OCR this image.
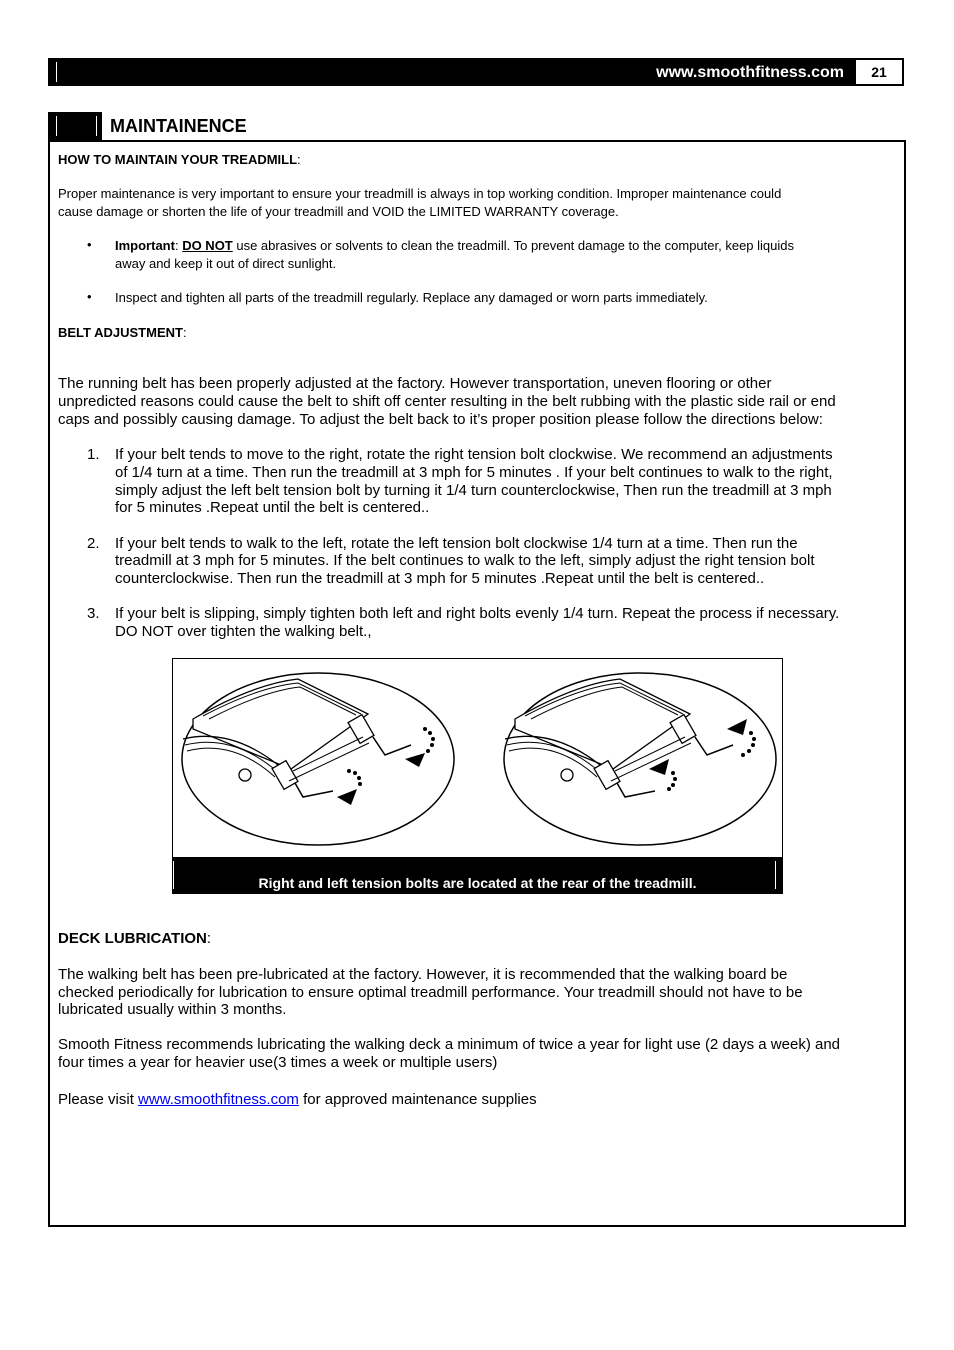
www.smoothfitness.com	21
MAINTAINENCE
HOW TO MAINTAIN YOUR TREADMILL:
Proper maintenance is very important to ensure your treadmill is always in top working condition. Improper maintenance could
cause damage or shorten the life of your treadmill and VOID the LIMITED WARRANTY coverage.
• Important: DO NOT use abrasives or solvents to clean the treadmill. To prevent damage to the computer, keep liquids
away and keep it out of direct sunlight.
• Inspect and tighten all parts of the treadmill regularly. Replace any damaged or worn parts immediately.
BELT ADJUSTMENT:
The running belt has been properly adjusted at the factory. However transportation, uneven flooring or other
unpredicted reasons could cause the belt to shift off center resulting in the belt rubbing with the plastic side rail or end
caps and possibly causing damage. To adjust the belt back to it’s proper position please follow the directions below:
1. If your belt tends to move to the right, rotate the right tension bolt clockwise. We recommend an adjustments
of 1/4 turn at a time. Then run the treadmill at 3 mph for 5 minutes . If your belt continues to walk to the right,
simply adjust the left belt tension bolt by turning it 1/4 turn counterclockwise, Then run the treadmill at 3 mph
for 5 minutes .Repeat until the belt is centered..
2. If your belt tends to walk to the left, rotate the left tension bolt clockwise 1/4 turn at a time. Then run the
treadmill at 3 mph for 5 minutes. If the belt continues to walk to the left, simply adjust the right tension bolt
counterclockwise. Then run the treadmill at 3 mph for 5 minutes .Repeat until the belt is centered..
3. If your belt is slipping, simply tighten both left and right bolts evenly 1/4 turn. Repeat the process if necessary.
DO NOT over tighten the walking belt.,
Right and left tension bolts are located at the rear of the treadmill.
DECK LUBRICATION:
The walking belt has been pre-lubricated at the factory. However, it is recommended that the walking board be
checked periodically for lubrication to ensure optimal treadmill performance. Your treadmill should not have to be
lubricated usually within 3 months.
Smooth Fitness recommends lubricating the walking deck a minimum of twice a year for light use (2 days a week) and
four times a year for heavier use(3 times a week or multiple users)
Please visit www.smoothfitness.com for approved maintenance supplies
